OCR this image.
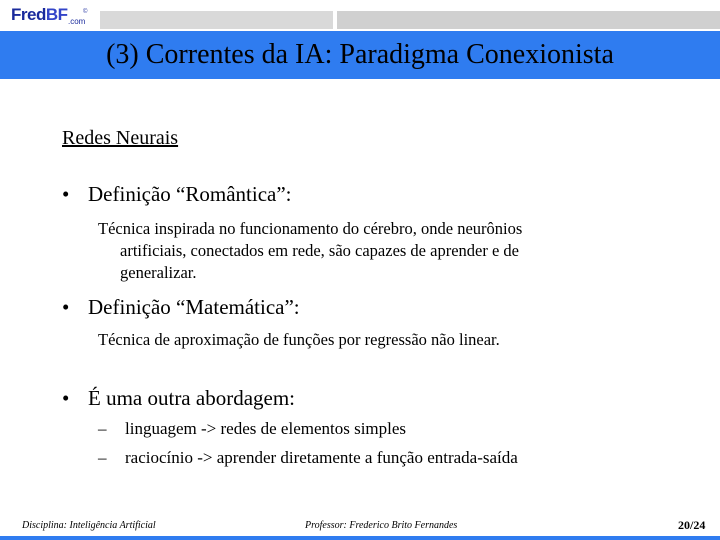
FredBF .com
©
(3) Correntes da IA: Paradigma Conexionista
Redes Neurais
• Definição “Romântica”:
Técnica inspirada no funcionamento do cérebro, onde neurônios
artificiais, conectados em rede, são capazes de aprender e de
generalizar.
• Definição “Matemática”:
Técnica de aproximação de funções por regressão não linear.
• É uma outra abordagem:
– linguagem -> redes de elementos simples
– raciocínio -> aprender diretamente a função entrada-saída
Disciplina: Inteligência Artificial	Professor: Frederico Brito Fernandes	20/24
